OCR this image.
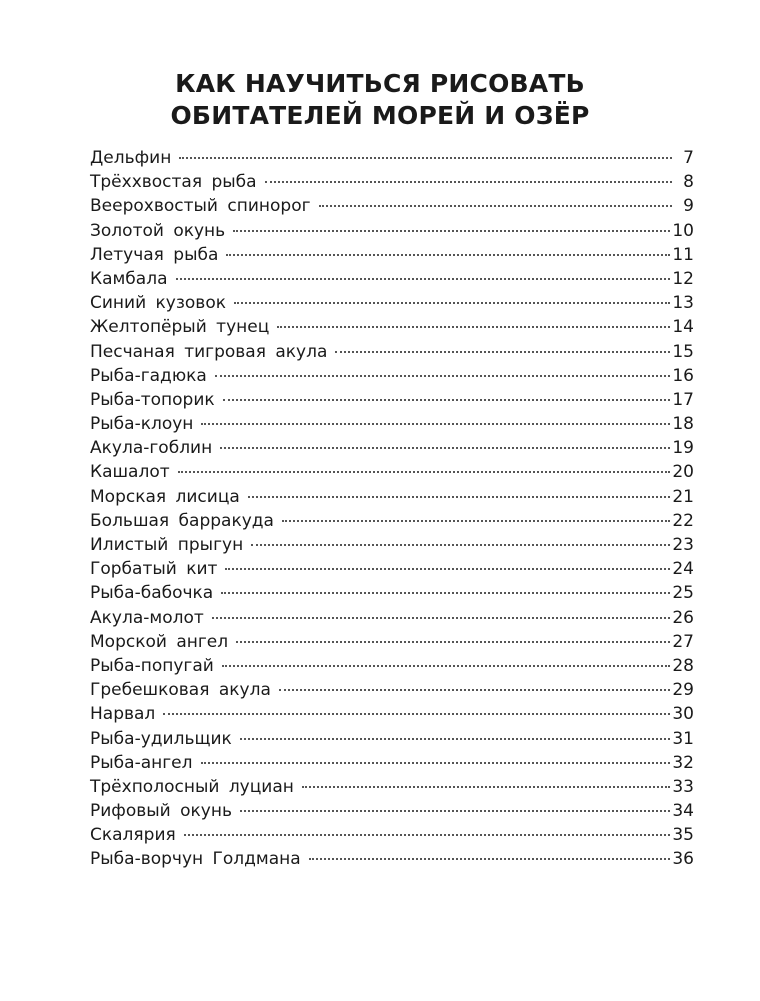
КАК НАУЧИТЬСЯ РИСОВАТЬ
ОБИТАТЕЛЕЙ МОРЕЙ И ОЗЁР
Дельфин	7
Трёххвостая рыба	8
Веерохвостый спинорог	9
Золотой окунь	10
Летучая рыба	11
Камбала	12
Синий кузовок	13
Желтопёрый тунец	14
Песчаная тигровая акула	15
Рыба-гадюка	16
Рыба-топорик	17
Рыба-клоун	18
Акула-гоблин	19
Кашалот	20
Морская лисица	21
Большая барракуда	22
Илистый прыгун	23
Горбатый кит	24
Рыба-бабочка	25
Акула-молот	26
Морской ангел	27
Рыба-попугай	28
Гребешковая акула	29
Нарвал	30
Рыба-удильщик	31
Рыба-ангел	32
Трёхполосный луциан	33
Рифовый окунь	34
Скалярия	35
Рыба-ворчун Голдмана	36
